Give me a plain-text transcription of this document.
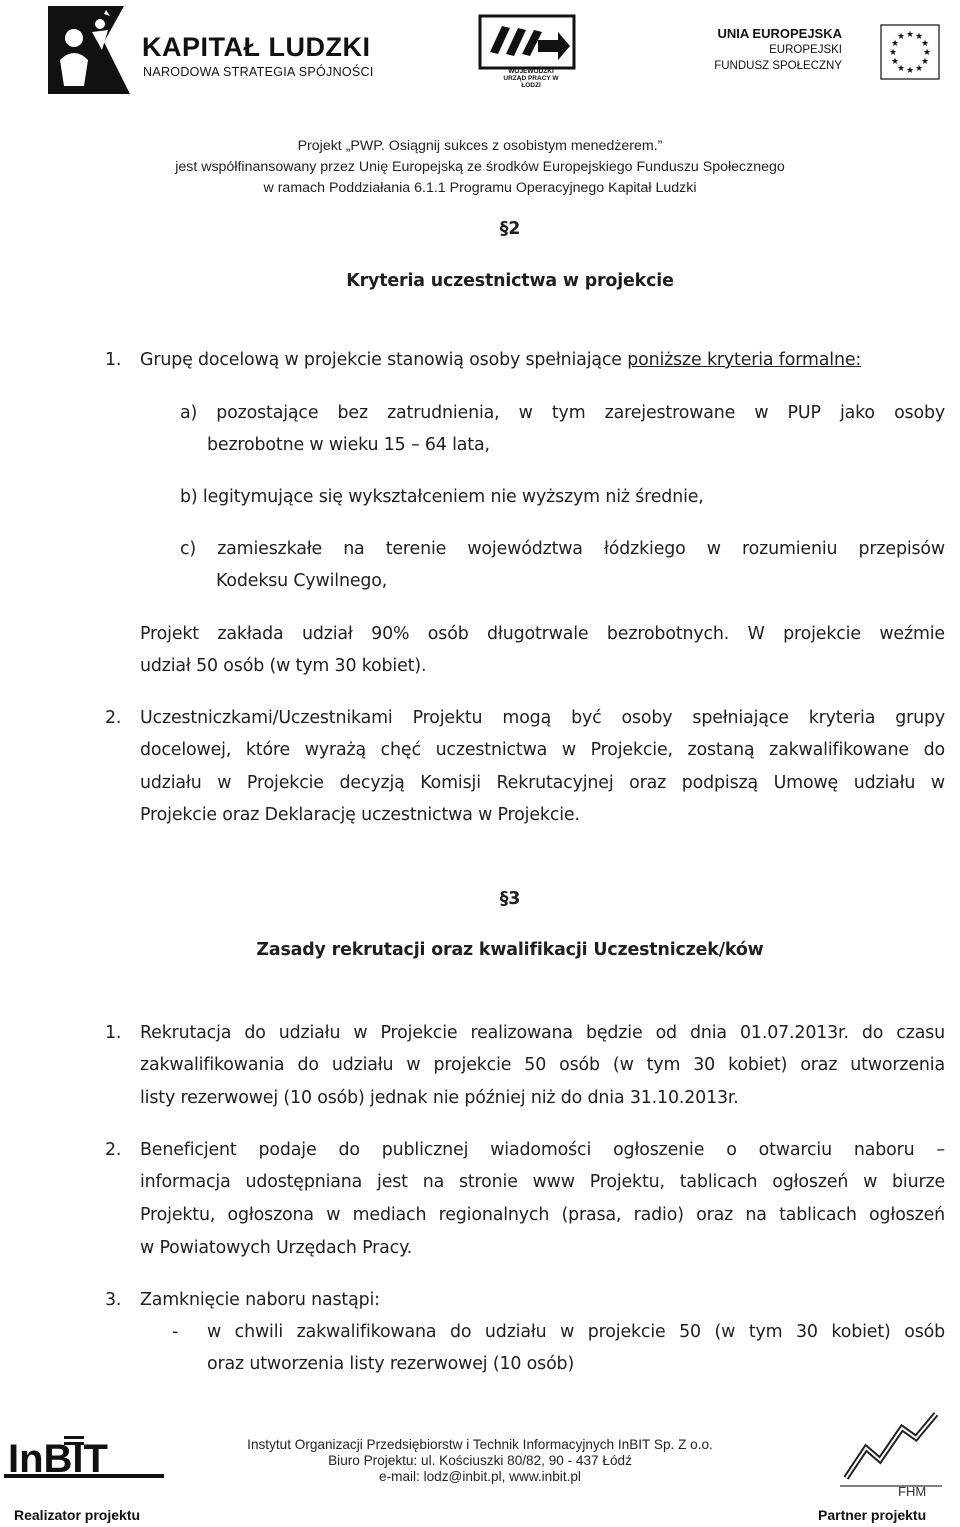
KAPITAŁ LUDZKI
NARODOWA STRATEGIA SPÓJNOŚCI	WOJEWÓDZKI URZĄD PRACY W ŁODZI
UNIA EUROPEJSKA
EUROPEJSKI
FUNDUSZ SPOŁECZNY
★ ★
★
★
★
★
★
★
★
★
★
★
Projekt „PWP. Osiągnij sukces z osobistym menedżerem.”
jest współfinansowany przez Unię Europejską ze środków Europejskiego Funduszu Społecznego
w ramach Poddziałania 6.1.1 Programu Operacyjnego Kapitał Ludzki
§2
Kryteria uczestnictwa w projekcie
1. Grupę docelową w projekcie stanowią osoby spełniające poniższe kryteria formalne:
a) pozostające bez zatrudnienia, w tym zarejestrowane w PUP jako osoby
bezrobotne w wieku 15 – 64 lata,
b) legitymujące się wykształceniem nie wyższym niż średnie,
c) zamieszkałe na terenie województwa łódzkiego w rozumieniu przepisów
Kodeksu Cywilnego,
Projekt zakłada udział 90% osób długotrwale bezrobotnych. W projekcie weźmie
udział 50 osób (w tym 30 kobiet).
2. Uczestniczkami/Uczestnikami Projektu mogą być osoby spełniające kryteria grupy
docelowej, które wyrażą chęć uczestnictwa w Projekcie, zostaną zakwalifikowane do
udziału w Projekcie decyzją Komisji Rekrutacyjnej oraz podpiszą Umowę udziału w
Projekcie oraz Deklarację uczestnictwa w Projekcie.
§3
Zasady rekrutacji oraz kwalifikacji Uczestniczek/ków
1. Rekrutacja do udziału w Projekcie realizowana będzie od dnia 01.07.2013r. do czasu
zakwalifikowania do udziału w projekcie 50 osób (w tym 30 kobiet) oraz utworzenia
listy rezerwowej (10 osób) jednak nie później niż do dnia 31.10.2013r.
2. Beneficjent podaje do publicznej wiadomości ogłoszenie o otwarciu naboru –
informacja udostępniana jest na stronie www Projektu, tablicach ogłoszeń w biurze
Projektu, ogłoszona w mediach regionalnych (prasa, radio) oraz na tablicach ogłoszeń
w Powiatowych Urzędach Pracy.
3. Zamknięcie naboru nastąpi:
- w chwili zakwalifikowana do udziału w projekcie 50 (w tym 30 kobiet) osób
oraz utworzenia listy rezerwowej (10 osób)
InBIT	Instytut Organizacji Przedsiębiorstw i Technik Informacyjnych InBIT Sp. Z o.o.
Biuro Projektu: ul. Kościuszki 80/82, 90 - 437 Łódź
e-mail: lodz@inbit.pl, www.inbit.pl
FHM
Realizator projektu	Partner projektu
